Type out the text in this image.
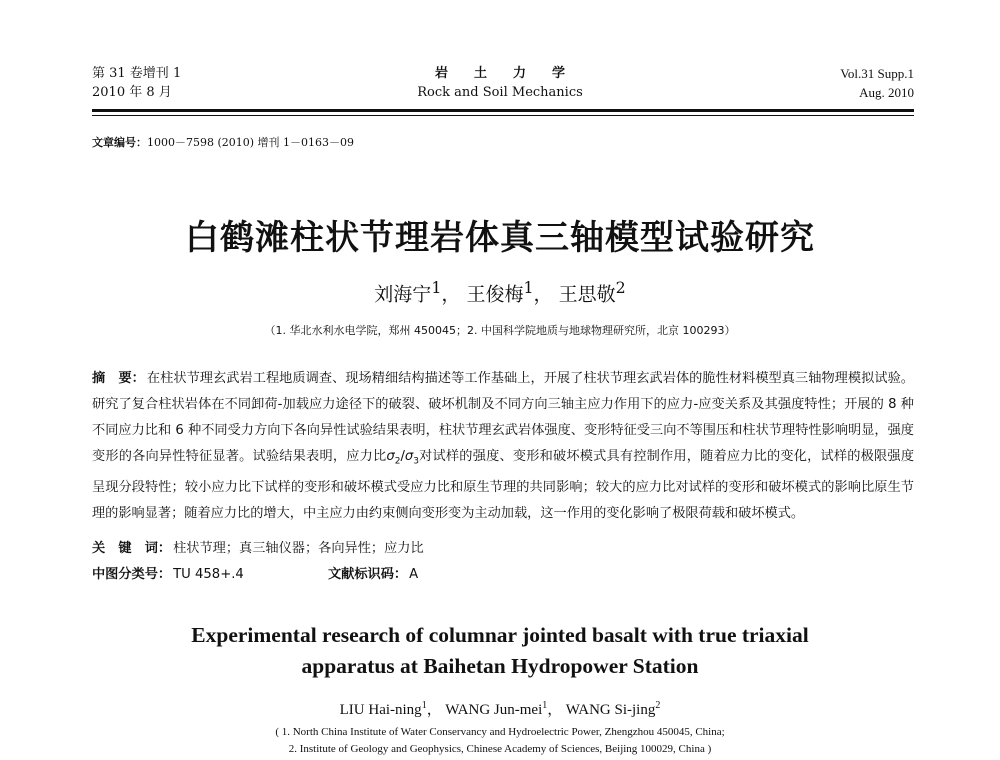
第 31 卷增刊 1
2010 年 8 月
岩土力学
Rock and Soil Mechanics
Vol.31 Supp.1
Aug. 2010
文章编号：1000－7598 (2010) 增刊 1－0163－09
白鹤滩柱状节理岩体真三轴模型试验研究
刘海宁$^1$， 王俊梅$^1$， 王思敬$^2$
（1. 华北水利水电学院，郑州 450045；2. 中国科学院地质与地球物理研究所，北京 100293）
摘　要： 在柱状节理玄武岩工程地质调查、现场精细结构描述等工作基础上，开展了柱状节理玄武岩体的脆性材料模型真三轴物理模拟试验。研究了复合柱状岩体在不同卸荷-加载应力途径下的破裂、破坏机制及不同方向三轴主应力作用下的应力-应变关系及其强度特性；开展的 8 种不同应力比和 6 种不同受力方向下各向异性试验结果表明，柱状节理玄武岩体强度、变形特征受三向不等围压和柱状节理特性影响明显，强度变形的各向异性特征显著。试验结果表明，应力比$\sigma_2/\sigma_3$对试样的强度、变形和破坏模式具有控制作用，随着应力比的变化，试样的极限强度呈现分段特性；较小应力比下试样的变形和破坏模式受应力比和原生节理的共同影响；较大的应力比对试样的变形和破坏模式的影响比原生节理的影响显著；随着应力比的增大，中主应力由约束侧向变形变为主动加载，这一作用的变化影响了极限荷载和破坏模式。
关　键　词： 柱状节理；真三轴仪器；各向异性；应力比
中图分类号： TU 458+.4	文献标识码： A
Experimental research of columnar jointed basalt with true triaxial
apparatus at Baihetan Hydropower Station
LIU Hai-ning$^1$， WANG Jun-mei$^1$， WANG Si-jing$^2$
( 1. North China Institute of Water Conservancy and Hydroelectric Power, Zhengzhou 450045, China;
2. Institute of Geology and Geophysics, Chinese Academy of Sciences, Beijing 100029, China )
